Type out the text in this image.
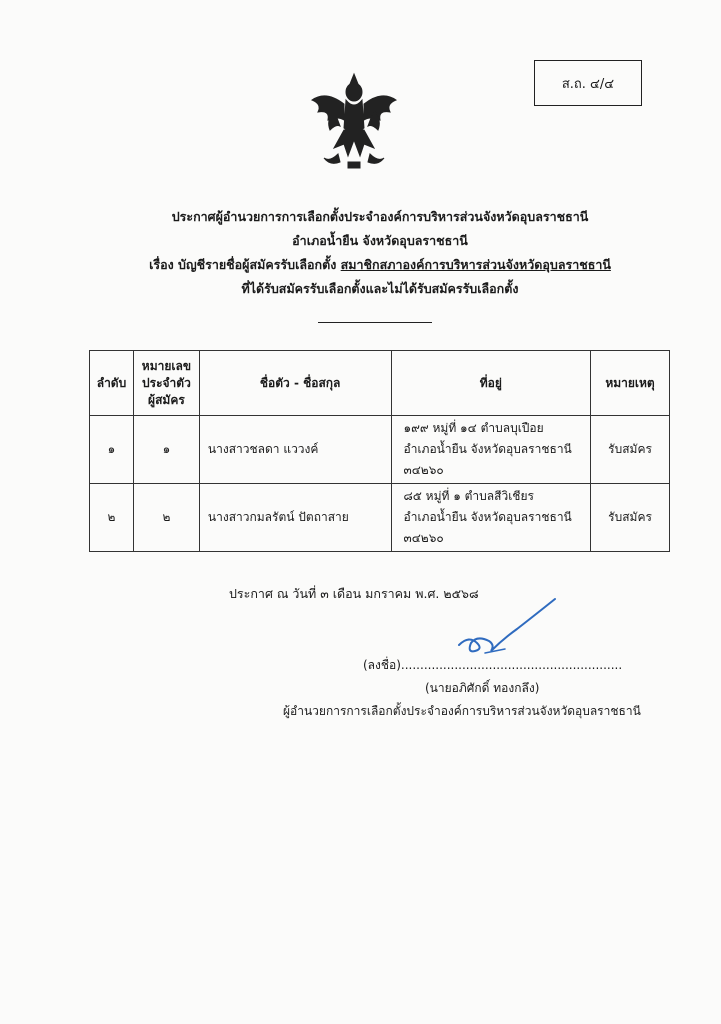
ส.ถ. ๔/๔
ประกาศผู้อำนวยการการเลือกตั้งประจำองค์การบริหารส่วนจังหวัดอุบลราชธานี
อำเภอน้ำยืน จังหวัดอุบลราชธานี
เรื่อง บัญชีรายชื่อผู้สมัครรับเลือกตั้ง สมาชิกสภาองค์การบริหารส่วนจังหวัดอุบลราชธานี
ที่ได้รับสมัครรับเลือกตั้งและไม่ได้รับสมัครรับเลือกตั้ง
ลำดับ	หมายเลข
ประจำตัว
ผู้สมัคร	ชื่อตัว - ชื่อสกุล	ที่อยู่	หมายเหตุ
๑	๑	นางสาวชลดา แววงค์	๑๙๙ หมู่ที่ ๑๔ ตำบลบุเปือย
อำเภอน้ำยืน จังหวัดอุบลราชธานี
๓๔๒๖๐	รับสมัคร
๒	๒	นางสาวกมลรัตน์ ปัตถาสาย	๘๕ หมู่ที่ ๑ ตำบลสีวิเชียร
อำเภอน้ำยืน จังหวัดอุบลราชธานี
๓๔๒๖๐	รับสมัคร
ประกาศ ณ วันที่ ๓ เดือน มกราคม พ.ศ. ๒๕๖๘
(ลงชื่อ)..........................................................
(นายอภิศักดิ์ ทองกลึง)
ผู้อำนวยการการเลือกตั้งประจำองค์การบริหารส่วนจังหวัดอุบลราชธานี
